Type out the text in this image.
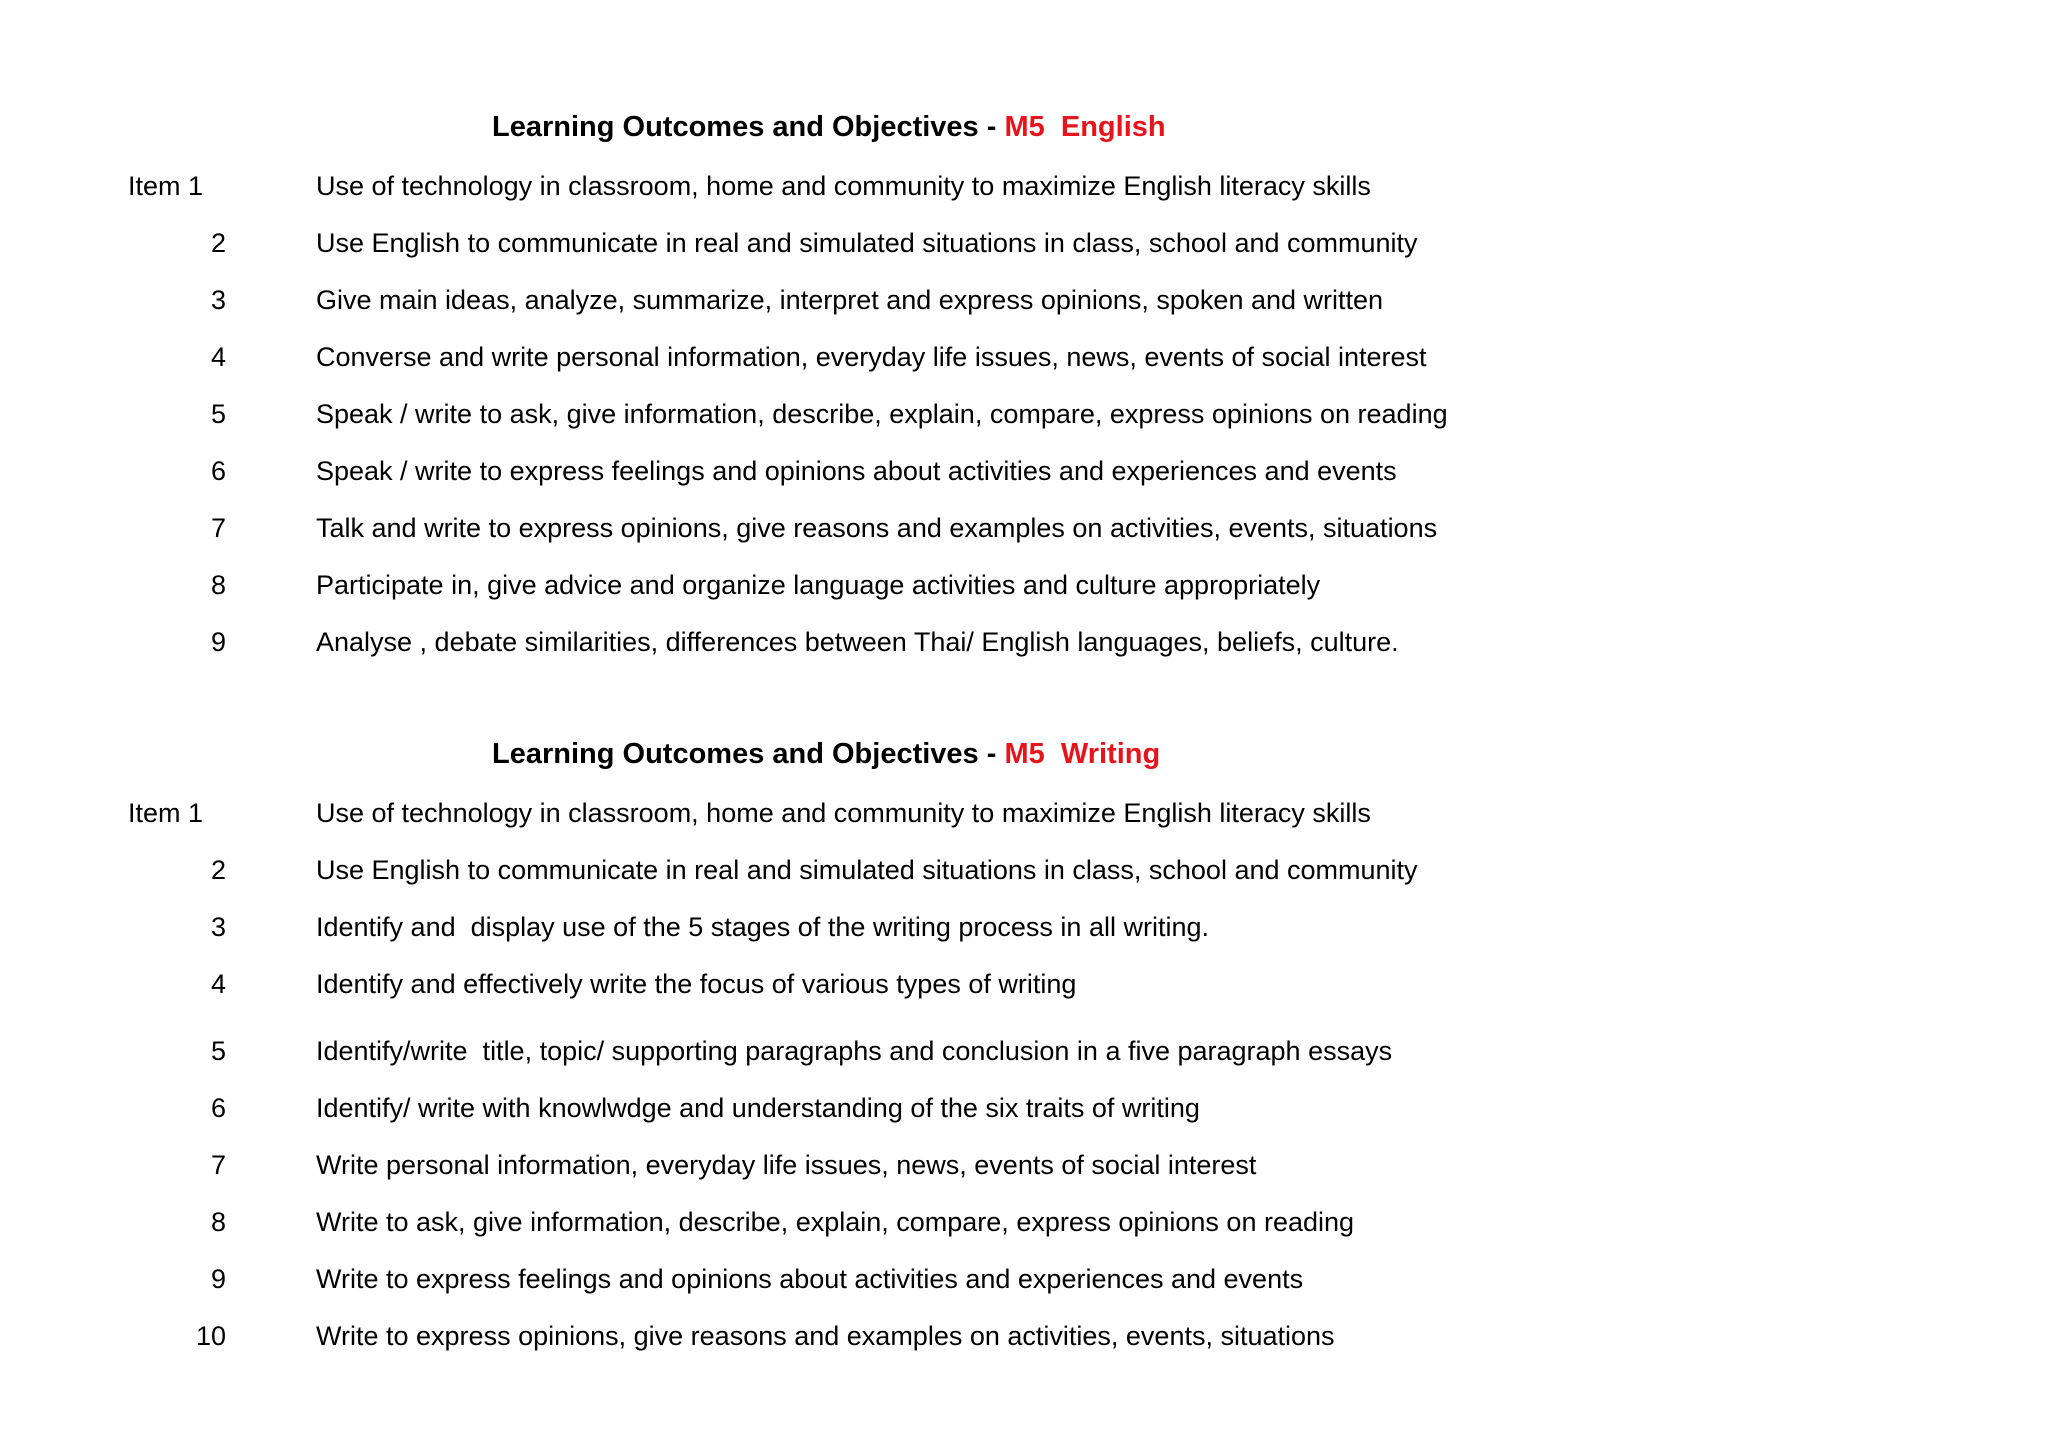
Learning Outcomes and Objectives - M5  English
Item 1	Use of technology in classroom, home and community to maximize English literacy skills
2	Use English to communicate in real and simulated situations in class, school and community
3	Give main ideas, analyze, summarize, interpret and express opinions, spoken and written
4	Converse and write personal information, everyday life issues, news, events of social interest
5	Speak / write to ask, give information, describe, explain, compare, express opinions on reading
6	Speak / write to express feelings and opinions about activities and experiences and events
7	Talk and write to express opinions, give reasons and examples on activities, events, situations
8	Participate in, give advice and organize language activities and culture appropriately
9	Analyse , debate similarities, differences between Thai/ English languages, beliefs, culture.
Learning Outcomes and Objectives - M5  Writing
Item 1	Use of technology in classroom, home and community to maximize English literacy skills
2	Use English to communicate in real and simulated situations in class, school and community
3	Identify and  display use of the 5 stages of the writing process in all writing.
4	Identify and effectively write the focus of various types of writing
5	Identify/write  title, topic/ supporting paragraphs and conclusion in a five paragraph essays
6	Identify/ write with knowlwdge and understanding of the six traits of writing
7	Write personal information, everyday life issues, news, events of social interest
8	Write to ask, give information, describe, explain, compare, express opinions on reading
9	Write to express feelings and opinions about activities and experiences and events
10	Write to express opinions, give reasons and examples on activities, events, situations
